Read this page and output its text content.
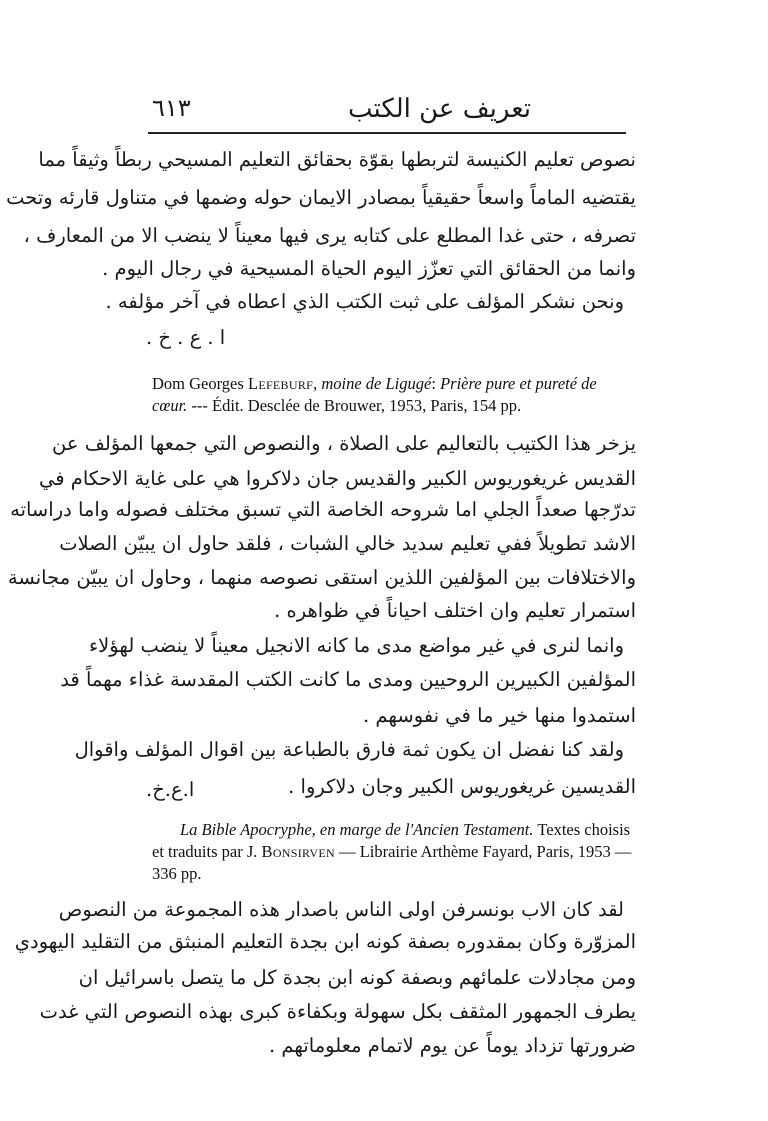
تعريف عن الكتب
٦١٣
نصوص تعليم الكنيسة لتربطها بقوّة بحقائق التعليم المسيحي ربطاً وثيقاً مما
يقتضيه الماماً واسعاً حقيقياً بمصادر الايمان حوله وضمها في متناول قارئه وتحت
تصرفه ، حتى غدا المطلع على كتابه يرى فيها معيناً لا ينضب الا من المعارف ،
وانما من الحقائق التي تعزّز اليوم الحياة المسيحية في رجال اليوم .
ونحن نشكر المؤلف على ثبت الكتب الذي اعطاه في آخر مؤلفه .
ا . ع . خ .
Dom Georges Lefeburf, moine de Ligugé: Prière pure et pureté de cœur. --- Édit. Desclée de Brouwer, 1953, Paris, 154 pp.
يزخر هذا الكتيب بالتعاليم على الصلاة ، والنصوص التي جمعها المؤلف عن
القديس غريغوريوس الكبير والقديس جان دلاكروا هي على غاية الاحكام في
تدرّجها صعداً الجلي اما شروحه الخاصة التي تسبق مختلف فصوله واما دراساته
الاشد تطويلاً ففي تعليم سديد خالي الشبات ، فلقد حاول ان يبيّن الصلات
والاختلافات بين المؤلفين اللذين استقى نصوصه منهما ، وحاول ان يبيّن مجانسة
استمرار تعليم وان اختلف احياناً في ظواهره .
وانما لنرى في غير مواضع مدى ما كانه الانجيل معيناً لا ينضب لهؤلاء
المؤلفين الكبيرين الروحيين ومدى ما كانت الكتب المقدسة غذاء مهماً قد
استمدوا منها خير ما في نفوسهم .
ولقد كنا نفضل ان يكون ثمة فارق بالطباعة بين اقوال المؤلف واقوال
القديسين غريغوريوس الكبير وجان دلاكروا .
ا.ع.خ.
La Bible Apocryphe, en marge de l'Ancien Testament. Textes choisis et traduits par J. Bonsirven — Librairie Arthème Fayard, Paris, 1953 — 336 pp.
لقد كان الاب بونسرفن اولى الناس باصدار هذه المجموعة من النصوص
المزوّرة وكان بمقدوره بصفة كونه ابن بجدة التعليم المنبثق من التقليد اليهودي
ومن مجادلات علمائهم وبصفة كونه ابن بجدة كل ما يتصل باسرائيل ان
يطرف الجمهور المثقف بكل سهولة وبكفاءة كبرى بهذه النصوص التي غدت
ضرورتها تزداد يوماً عن يوم لاتمام معلوماتهم .
